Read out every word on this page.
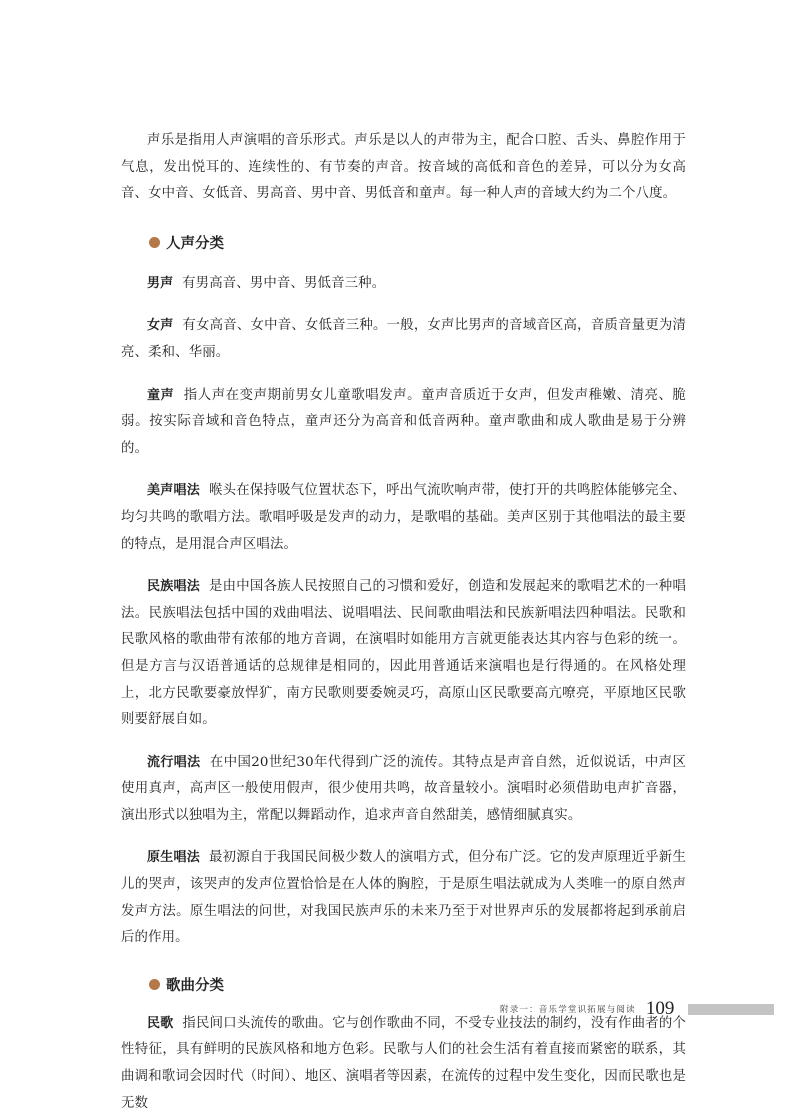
声乐是指用人声演唱的音乐形式。声乐是以人的声带为主，配合口腔、舌头、鼻腔作用于气息，发出悦耳的、连续性的、有节奏的声音。按音域的高低和音色的差异，可以分为女高音、女中音、女低音、男高音、男中音、男低音和童声。每一种人声的音域大约为二个八度。

人声分类

男声 有男高音、男中音、男低音三种。

女声 有女高音、女中音、女低音三种。一般，女声比男声的音域音区高，音质音量更为清亮、柔和、华丽。

童声 指人声在变声期前男女儿童歌唱发声。童声音质近于女声，但发声稚嫩、清亮、脆弱。按实际音域和音色特点，童声还分为高音和低音两种。童声歌曲和成人歌曲是易于分辨的。

美声唱法 喉头在保持吸气位置状态下，呼出气流吹响声带，使打开的共鸣腔体能够完全、均匀共鸣的歌唱方法。歌唱呼吸是发声的动力，是歌唱的基础。美声区别于其他唱法的最主要的特点，是用混合声区唱法。

民族唱法 是由中国各族人民按照自己的习惯和爱好，创造和发展起来的歌唱艺术的一种唱法。民族唱法包括中国的戏曲唱法、说唱唱法、民间歌曲唱法和民族新唱法四种唱法。民歌和民歌风格的歌曲带有浓郁的地方音调，在演唱时如能用方言就更能表达其内容与色彩的统一。但是方言与汉语普通话的总规律是相同的，因此用普通话来演唱也是行得通的。在风格处理上，北方民歌要豪放悍犷，南方民歌则要委婉灵巧，高原山区民歌要高亢嘹亮，平原地区民歌则要舒展自如。

流行唱法 在中国20世纪30年代得到广泛的流传。其特点是声音自然，近似说话，中声区使用真声，高声区一般使用假声，很少使用共鸣，故音量较小。演唱时必须借助电声扩音器，演出形式以独唱为主，常配以舞蹈动作，追求声音自然甜美，感情细腻真实。

原生唱法 最初源自于我国民间极少数人的演唱方式，但分布广泛。它的发声原理近乎新生儿的哭声，该哭声的发声位置恰恰是在人体的胸腔，于是原生唱法就成为人类唯一的原自然声发声方法。原生唱法的问世，对我国民族声乐的未来乃至于对世界声乐的发展都将起到承前启后的作用。

歌曲分类

民歌 指民间口头流传的歌曲。它与创作歌曲不同，不受专业技法的制约，没有作曲者的个性特征，具有鲜明的民族风格和地方色彩。民歌与人们的社会生活有着直接而紧密的联系，其曲调和歌词会因时代（时间）、地区、演唱者等因素，在流传的过程中发生变化，因而民歌也是无数

附录一：音乐学堂识拓展与阅读 109
